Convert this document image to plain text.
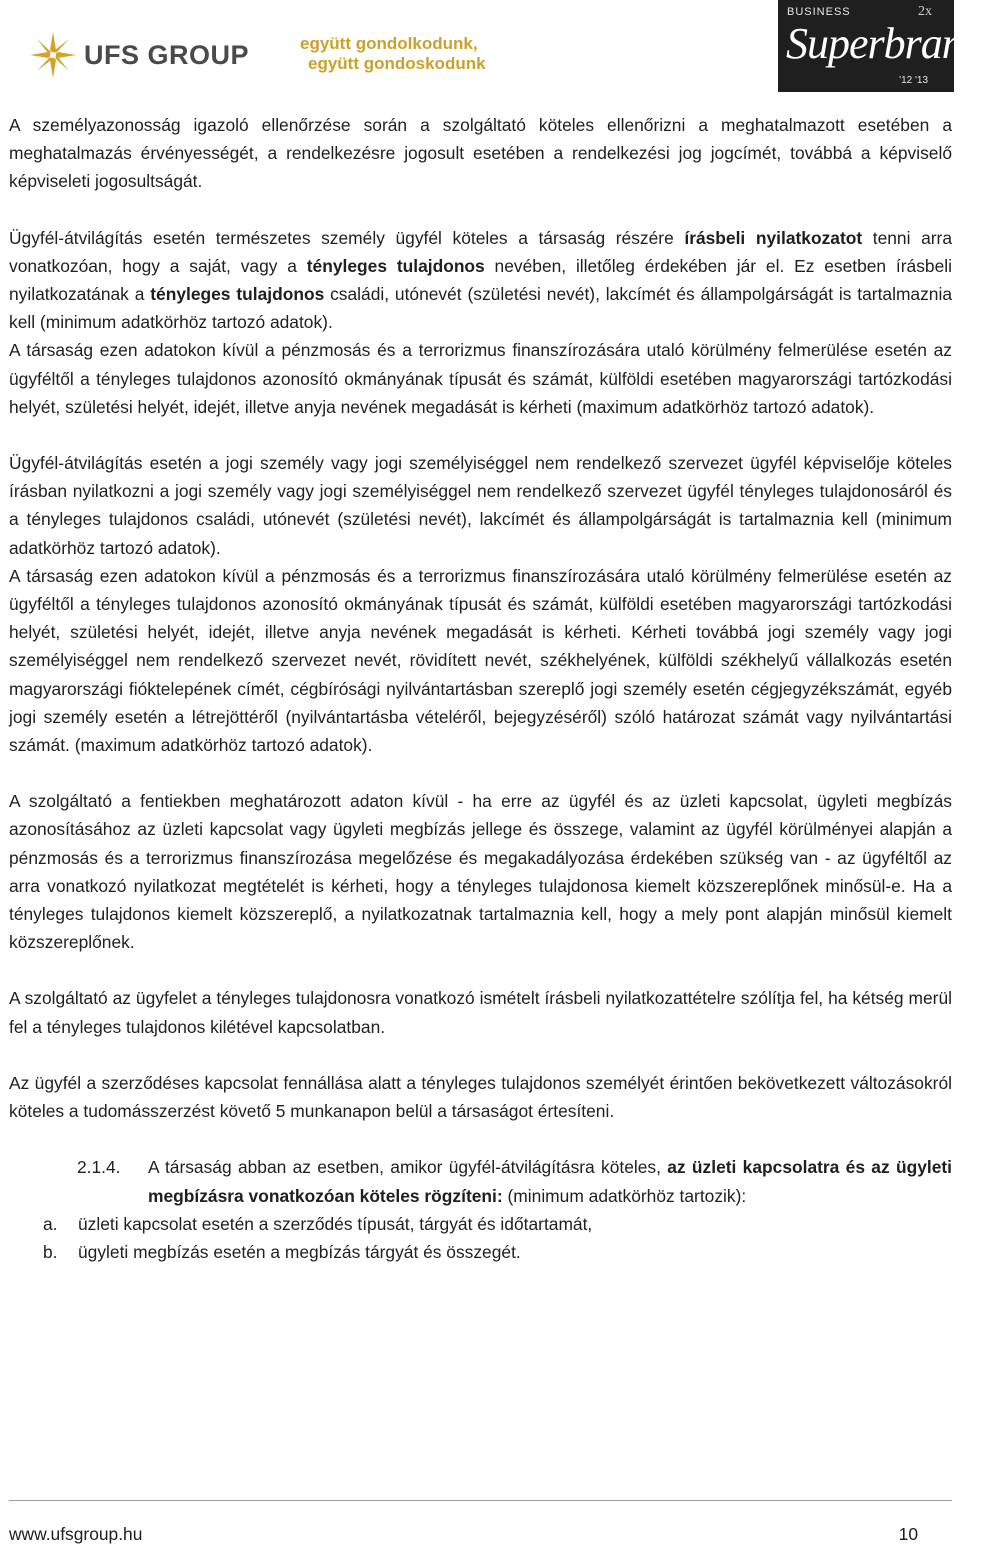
UFS GROUP	együtt gondolkodunk,
együtt gondoskodunk
BUSINESS	2x
Superbrands
'12 '13

A személyazonosság igazoló ellenőrzése során a szolgáltató köteles ellenőrizni a meghatalmazott esetében a meghatalmazás érvényességét, a rendelkezésre jogosult esetében a rendelkezési jog jogcímét, továbbá a képviselő képviseleti jogosultságát.

Ügyfél-átvilágítás esetén természetes személy ügyfél köteles a társaság részére írásbeli nyilatkozatot tenni arra vonatkozóan, hogy a saját, vagy a tényleges tulajdonos nevében, illetőleg érdekében jár el. Ez esetben írásbeli nyilatkozatának a tényleges tulajdonos családi, utónevét (születési nevét), lakcímét és állampolgárságát is tartalmaznia kell (minimum adatkörhöz tartozó adatok).

A társaság ezen adatokon kívül a pénzmosás és a terrorizmus finanszírozására utaló körülmény felmerülése esetén az ügyféltől a tényleges tulajdonos azonosító okmányának típusát és számát, külföldi esetében magyarországi tartózkodási helyét, születési helyét, idejét, illetve anyja nevének megadását is kérheti (maximum adatkörhöz tartozó adatok).

Ügyfél-átvilágítás esetén a jogi személy vagy jogi személyiséggel nem rendelkező szervezet ügyfél képviselője köteles írásban nyilatkozni a jogi személy vagy jogi személyiséggel nem rendelkező szervezet ügyfél tényleges tulajdonosáról és a tényleges tulajdonos családi, utónevét (születési nevét), lakcímét és állampolgárságát is tartalmaznia kell (minimum adatkörhöz tartozó adatok).

A társaság ezen adatokon kívül a pénzmosás és a terrorizmus finanszírozására utaló körülmény felmerülése esetén az ügyféltől a tényleges tulajdonos azonosító okmányának típusát és számát, külföldi esetében magyarországi tartózkodási helyét, születési helyét, idejét, illetve anyja nevének megadását is kérheti. Kérheti továbbá jogi személy vagy jogi személyiséggel nem rendelkező szervezet nevét, rövidített nevét, székhelyének, külföldi székhelyű vállalkozás esetén magyarországi fióktelepének címét, cégbírósági nyilvántartásban szereplő jogi személy esetén cégjegyzékszámát, egyéb jogi személy esetén a létrejöttéről (nyilvántartásba vételéről, bejegyzéséről) szóló határozat számát vagy nyilvántartási számát. (maximum adatkörhöz tartozó adatok).

A szolgáltató a fentiekben meghatározott adaton kívül - ha erre az ügyfél és az üzleti kapcsolat, ügyleti megbízás azonosításához az üzleti kapcsolat vagy ügyleti megbízás jellege és összege, valamint az ügyfél körülményei alapján a pénzmosás és a terrorizmus finanszírozása megelőzése és megakadályozása érdekében szükség van - az ügyféltől az arra vonatkozó nyilatkozat megtételét is kérheti, hogy a tényleges tulajdonosa kiemelt közszereplőnek minősül-e. Ha a tényleges tulajdonos kiemelt közszereplő, a nyilatkozatnak tartalmaznia kell, hogy a mely pont alapján minősül kiemelt közszereplőnek.

A szolgáltató az ügyfelet a tényleges tulajdonosra vonatkozó ismételt írásbeli nyilatkozattételre szólítja fel, ha kétség merül fel a tényleges tulajdonos kilétével kapcsolatban.

Az ügyfél a szerződéses kapcsolat fennállása alatt a tényleges tulajdonos személyét érintően bekövetkezett változásokról köteles a tudomásszerzést követő 5 munkanapon belül a társaságot értesíteni.

2.1.4. A társaság abban az esetben, amikor ügyfél-átvilágításra köteles, az üzleti kapcsolatra és az ügyleti megbízásra vonatkozóan köteles rögzíteni: (minimum adatkörhöz tartozik):

a. üzleti kapcsolat esetén a szerződés típusát, tárgyát és időtartamát,

b. ügyleti megbízás esetén a megbízás tárgyát és összegét.

www.ufsgroup.hu	10
